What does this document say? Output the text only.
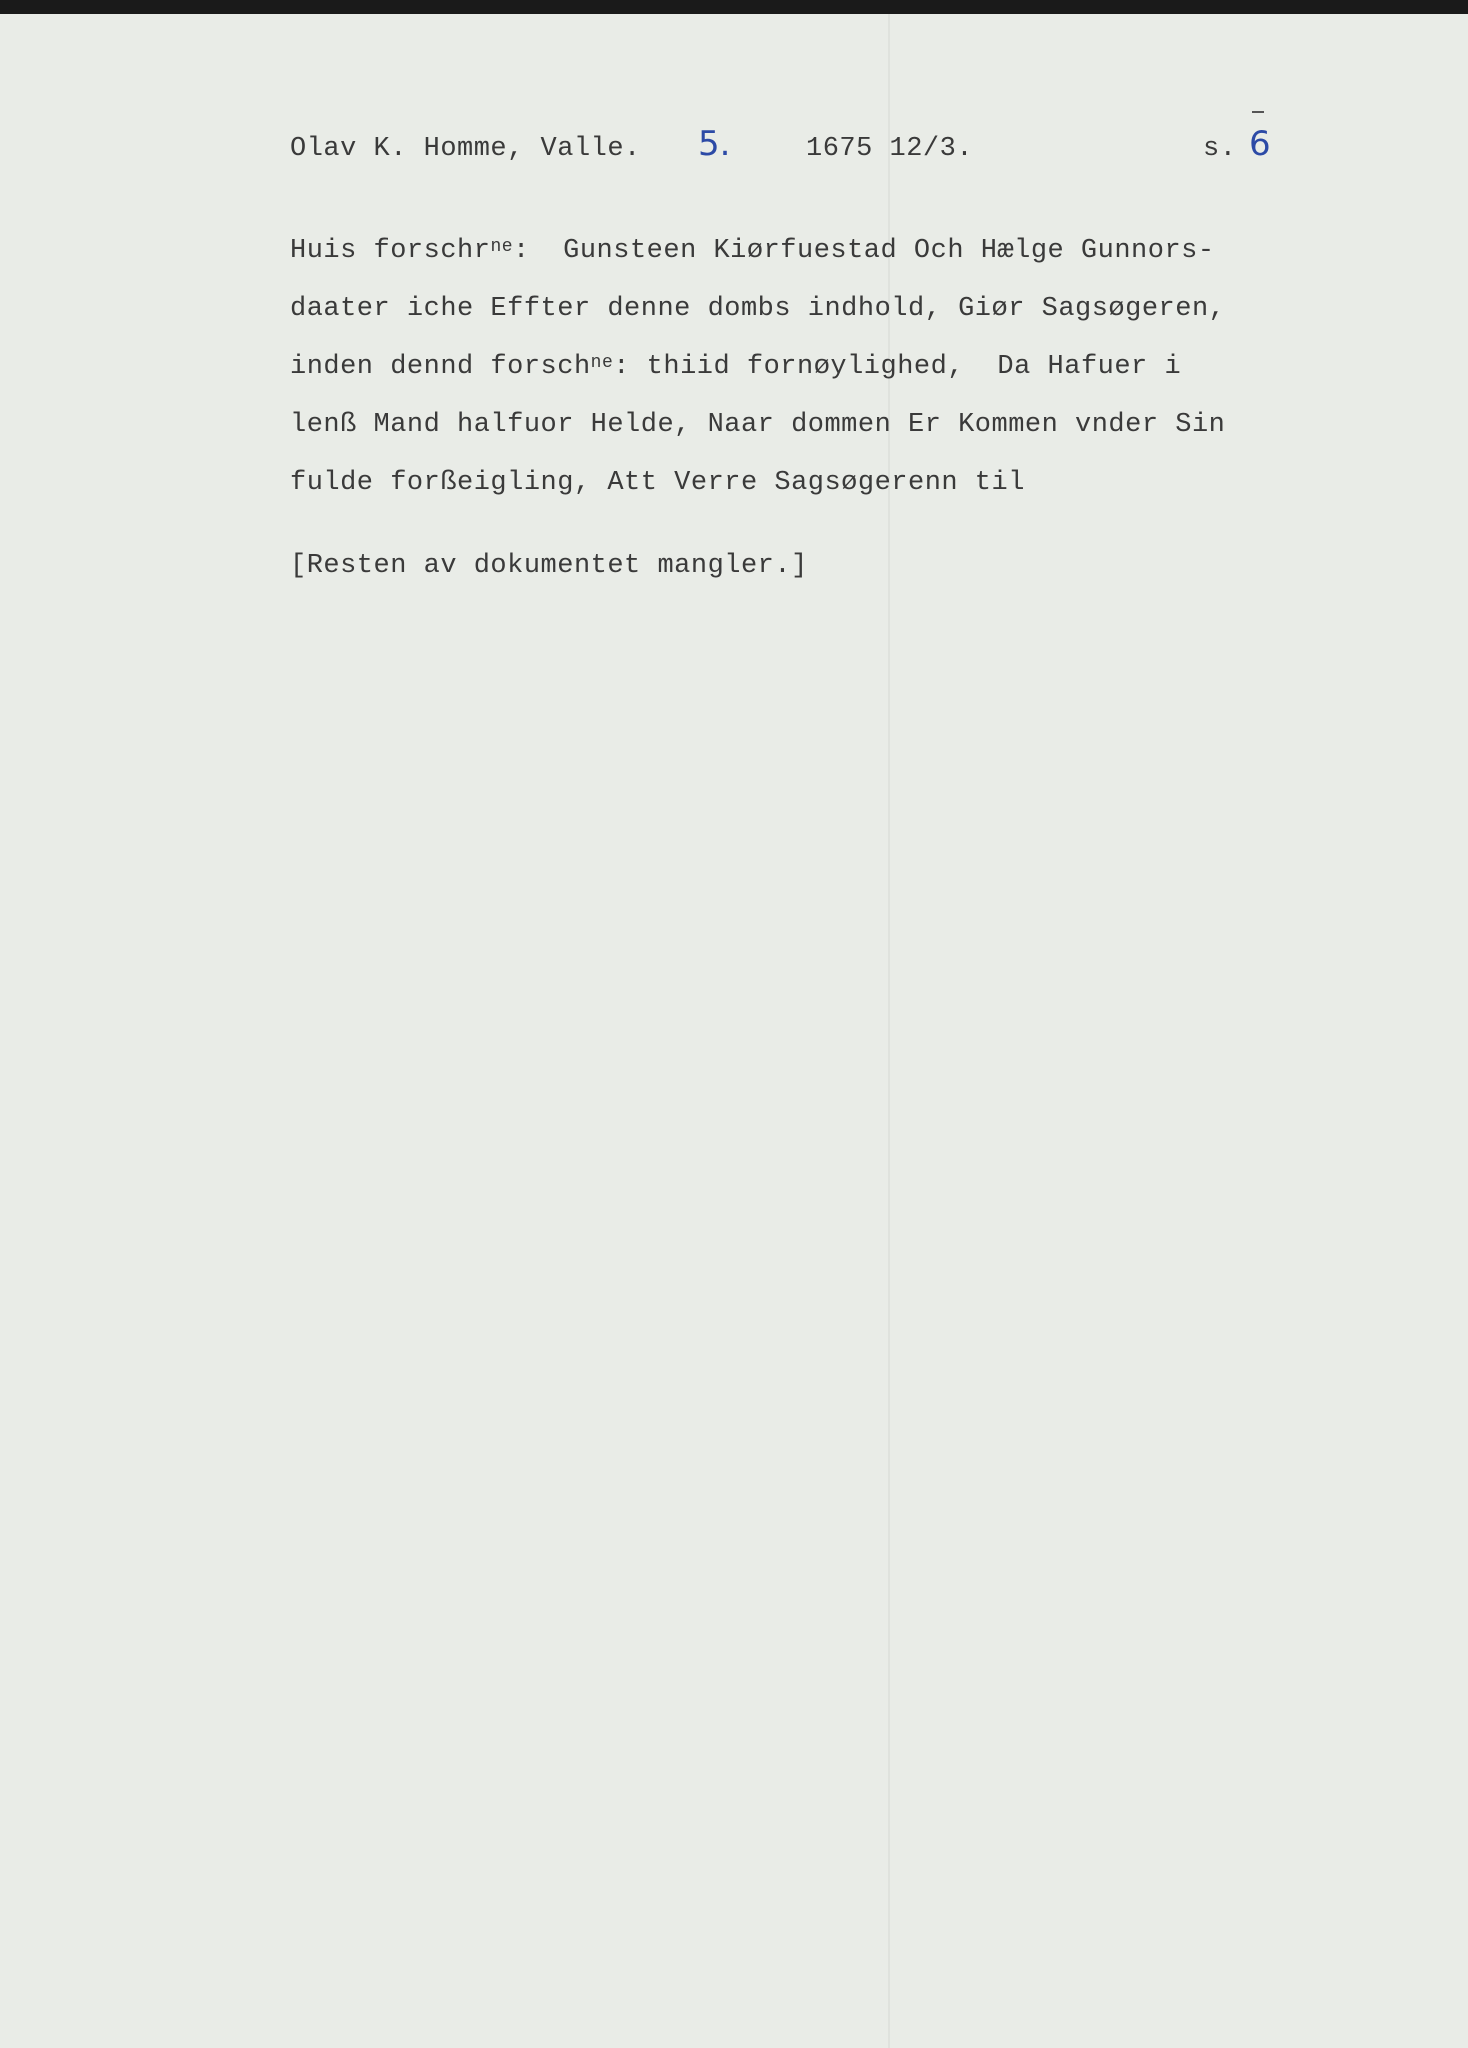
Olav K. Homme, Valle. 5.	1675 12/3.	s. 6
Huis forschr$^{ne}$:  Gunsteen Kiørfuestad Och Hælge Gunnors-
daater iche Effter denne dombs indhold, Giør Sagsøgeren,
inden dennd forsch$^{ne}$: thiid fornøylighed,  Da Hafuer i
lenß Mand halfuor Helde, Naar dommen Er Kommen vnder Sin
fulde forßeigling, Att Verre Sagsøgerenn til
[Resten av dokumentet mangler.]
